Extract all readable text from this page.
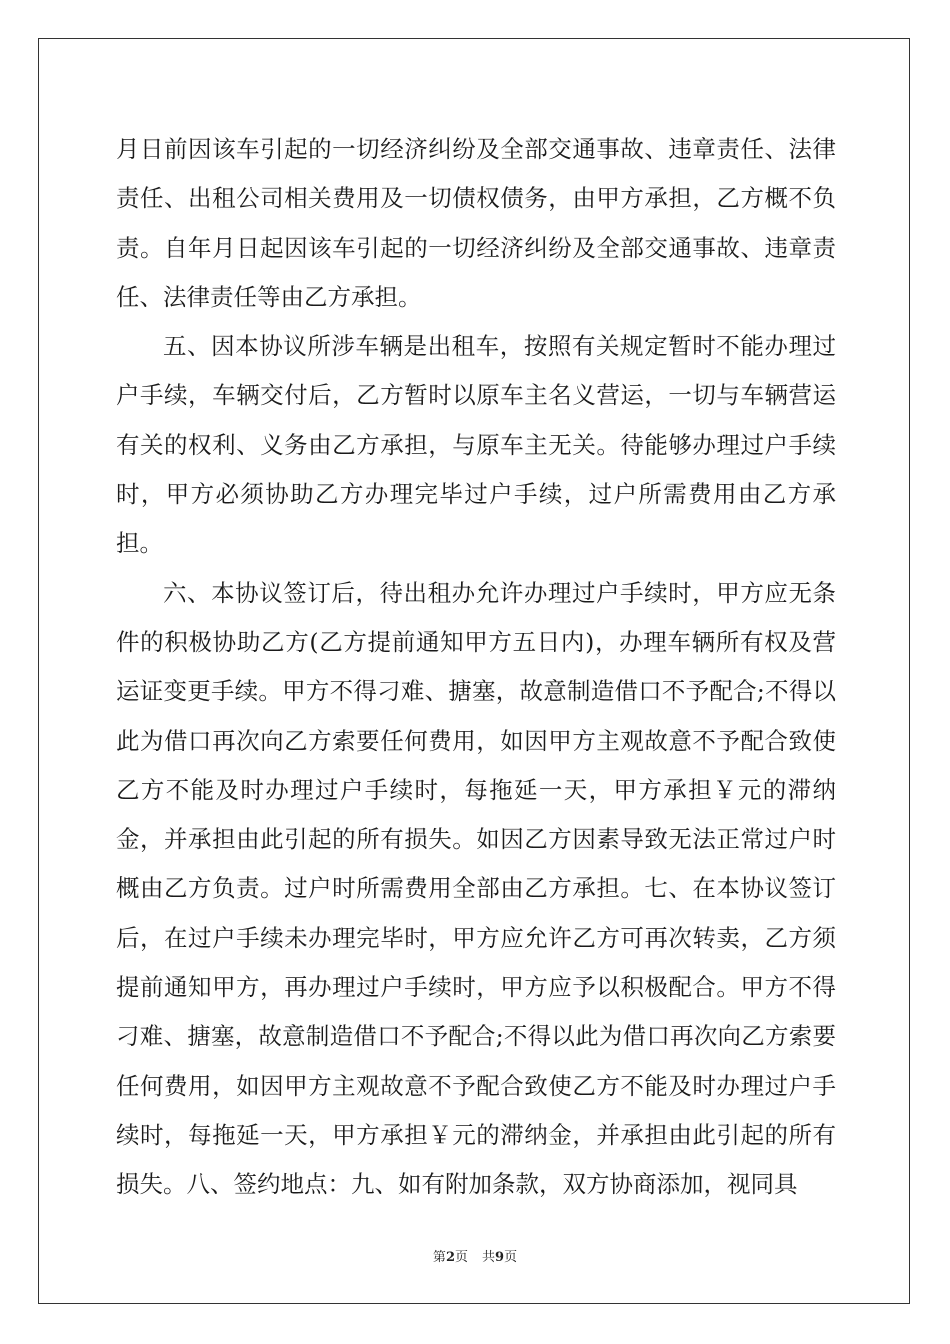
月日前因该车引起的一切经济纠纷及全部交通事故、违章责任、法律责任、出租公司相关费用及一切债权债务，由甲方承担，乙方概不负责。自年月日起因该车引起的一切经济纠纷及全部交通事故、违章责任、法律责任等由乙方承担。

五、因本协议所涉车辆是出租车，按照有关规定暂时不能办理过户手续，车辆交付后，乙方暂时以原车主名义营运，一切与车辆营运有关的权利、义务由乙方承担，与原车主无关。待能够办理过户手续时，甲方必须协助乙方办理完毕过户手续，过户所需费用由乙方承担。

六、本协议签订后，待出租办允许办理过户手续时，甲方应无条件的积极协助乙方(乙方提前通知甲方五日内)，办理车辆所有权及营运证变更手续。甲方不得刁难、搪塞，故意制造借口不予配合;不得以此为借口再次向乙方索要任何费用，如因甲方主观故意不予配合致使乙方不能及时办理过户手续时，每拖延一天，甲方承担￥元的滞纳金，并承担由此引起的所有损失。如因乙方因素导致无法正常过户时概由乙方负责。过户时所需费用全部由乙方承担。七、在本协议签订后，在过户手续未办理完毕时，甲方应允许乙方可再次转卖，乙方须提前通知甲方，再办理过户手续时，甲方应予以积极配合。甲方不得刁难、搪塞，故意制造借口不予配合;不得以此为借口再次向乙方索要任何费用，如因甲方主观故意不予配合致使乙方不能及时办理过户手续时，每拖延一天，甲方承担￥元的滞纳金，并承担由此引起的所有损失。八、签约地点：九、如有附加条款，双方协商添加，视同具

第2页 共9页
